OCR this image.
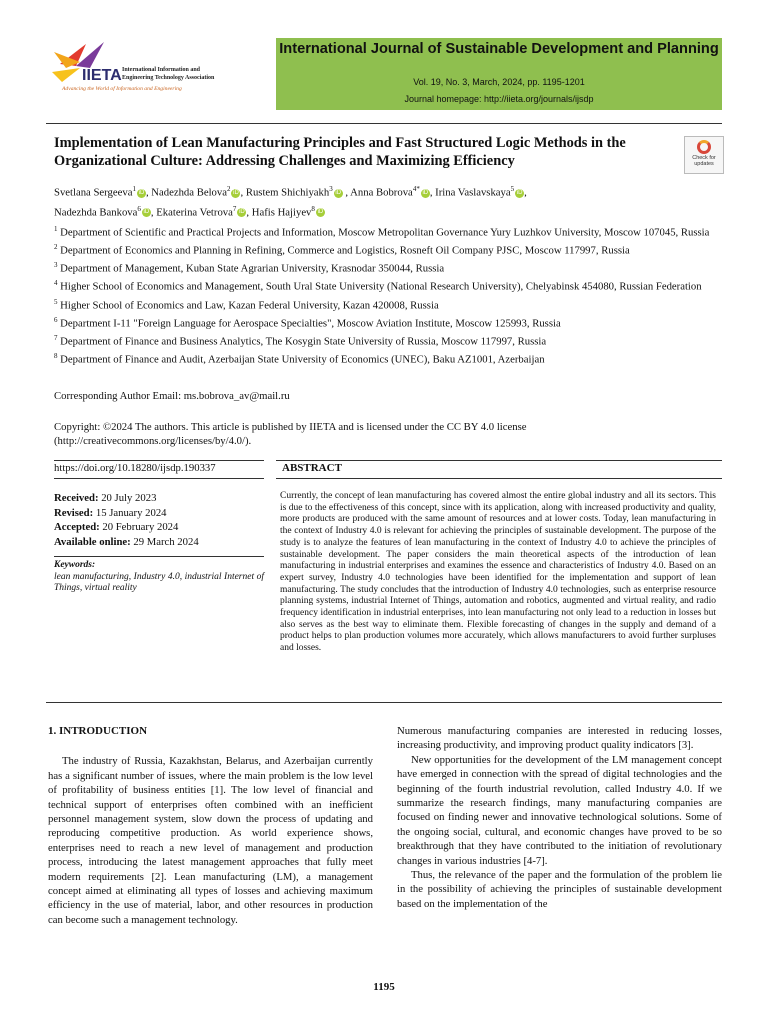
IIETA International Information and
Engineering Technology Association
Advancing the World of Information and Engineering
International Journal of Sustainable Development and Planning
Vol. 19, No. 3, March, 2024, pp. 1195-1201
Journal homepage: http://iieta.org/journals/ijsdp
Implementation of Lean Manufacturing Principles and Fast Structured Logic Methods in the Organizational Culture: Addressing Challenges and Maximizing Efficiency	Check for
updates
Svetlana Sergeeva$^1$ iD , Nadezhda Belova$^2$ iD , Rustem Shichiyakh$^3$ iD , Anna Bobrova$^{4*}$ iD , Irina Vaslavskaya$^5$ iD ,
Nadezhda Bankova$^6$ iD , Ekaterina Vetrova$^7$ iD , Hafis Hajiyev$^8$ iD
$^1$ Department of Scientific and Practical Projects and Information, Moscow Metropolitan Governance Yury Luzhkov University, Moscow 107045, Russia
$^2$ Department of Economics and Planning in Refining, Commerce and Logistics, Rosneft Oil Company PJSC, Moscow 117997, Russia
$^3$ Department of Management, Kuban State Agrarian University, Krasnodar 350044, Russia
$^4$ Higher School of Economics and Management, South Ural State University (National Research University), Chelyabinsk 454080, Russian Federation
$^5$ Higher School of Economics and Law, Kazan Federal University, Kazan 420008, Russia
$^6$ Department I-11 "Foreign Language for Aerospace Specialties", Moscow Aviation Institute, Moscow 125993, Russia
$^7$ Department of Finance and Business Analytics, The Kosygin State University of Russia, Moscow 117997, Russia
$^8$ Department of Finance and Audit, Azerbaijan State University of Economics (UNEC), Baku AZ1001, Azerbaijan
Corresponding Author Email: ms.bobrova_av@mail.ru
Copyright: ©2024 The authors. This article is published by IIETA and is licensed under the CC BY 4.0 license (http://creativecommons.org/licenses/by/4.0/).
https://doi.org/10.18280/ijsdp.190337	ABSTRACT
Received: 20 July 2023
Revised: 15 January 2024
Accepted: 20 February 2024
Available online: 29 March 2024
Keywords:
lean manufacturing, Industry 4.0, industrial Internet of Things, virtual reality
Currently, the concept of lean manufacturing has covered almost the entire global industry and all its sectors. This is due to the effectiveness of this concept, since with its application, along with increased productivity and quality, more products are produced with the same amount of resources and at lower costs. Today, lean manufacturing in the context of Industry 4.0 is relevant for achieving the principles of sustainable development. The purpose of the study is to analyze the features of lean manufacturing in the context of Industry 4.0 to achieve the principles of sustainable development. The paper considers the main theoretical aspects of the introduction of lean manufacturing in industrial enterprises and examines the essence and characteristics of Industry 4.0. Based on an expert survey, Industry 4.0 technologies have been identified for the implementation and support of lean manufacturing. The study concludes that the introduction of Industry 4.0 technologies, such as enterprise resource planning systems, industrial Internet of Things, automation and robotics, augmented and virtual reality, and radio frequency identification in industrial enterprises, into lean manufacturing not only lead to a reduction in losses but also serves as the best way to eliminate them. Flexible forecasting of changes in the supply and demand of a product helps to plan production volumes more accurately, which allows manufacturers to avoid further surpluses and losses.
1. INTRODUCTION

The industry of Russia, Kazakhstan, Belarus, and Azerbaijan currently has a significant number of issues, where the main problem is the low level of profitability of business entities [1]. The low level of financial and technical support of enterprises often combined with an inefficient personnel management system, slow down the process of updating and reproducing competitive production. As world experience shows, enterprises need to reach a new level of management and production process, introducing the latest management approaches that fully meet modern requirements [2]. Lean manufacturing (LM), a management concept aimed at eliminating all types of losses and achieving maximum efficiency in the use of material, labor, and other resources in production can become such a management technology.

Numerous manufacturing companies are interested in reducing losses, increasing productivity, and improving product quality indicators [3].

New opportunities for the development of the LM management concept have emerged in connection with the spread of digital technologies and the beginning of the fourth industrial revolution, called Industry 4.0. If we summarize the research findings, many manufacturing companies are focused on finding newer and innovative technological solutions. Some of the ongoing social, cultural, and economic changes have proved to be so breakthrough that they have contributed to the initiation of revolutionary changes in various industries [4-7].

Thus, the relevance of the paper and the formulation of the problem lie in the possibility of achieving the principles of sustainable development based on the implementation of the

1195
